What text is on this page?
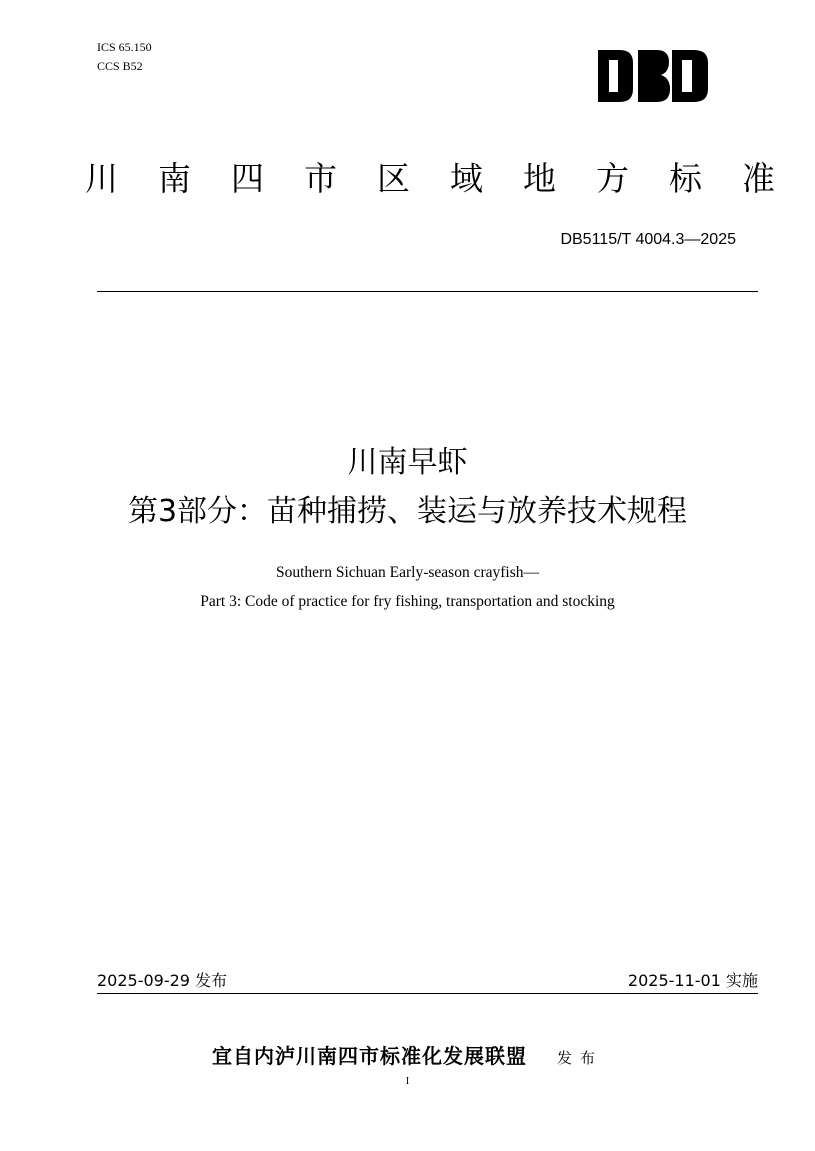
ICS 65.150
CCS B52
川 南 四 市 区 域 地 方 标 准
DB5115/T 4004.3—2025
川南早虾
第3部分：苗种捕捞、装运与放养技术规程
Southern Sichuan Early-season crayfish—
Part 3: Code of practice for fry fishing, transportation and stocking
2025-09-29 发布	2025-11-01 实施
宜自内泸川南四市标准化发展联盟 发布
I
